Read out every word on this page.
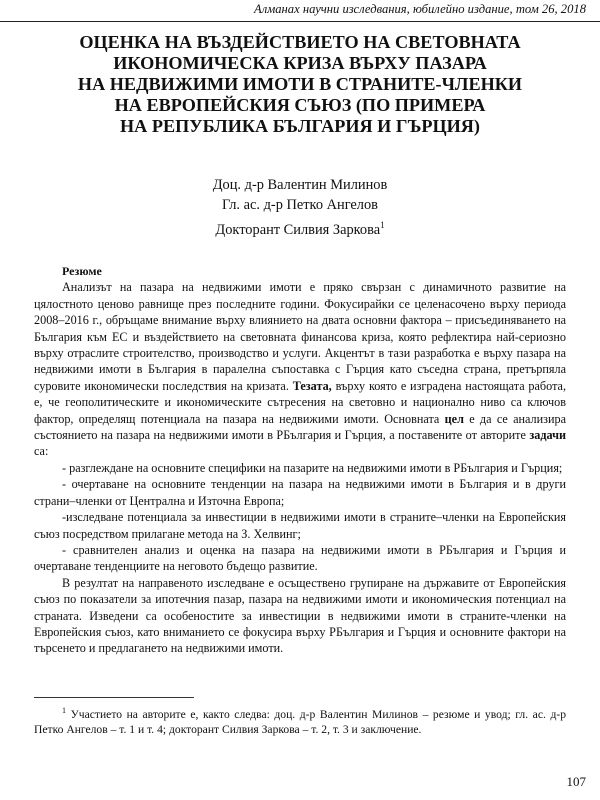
Алманах научни изследвания, юбилейно издание, том 26, 2018
ОЦЕНКА НА ВЪЗДЕЙСТВИЕТО НА СВЕТОВНАТА
ИКОНОМИЧЕСКА КРИЗА ВЪРХУ ПАЗАРА
НА НЕДВИЖИМИ ИМОТИ В СТРАНИТЕ-ЧЛЕНКИ
НА ЕВРОПЕЙСКИЯ СЪЮЗ (ПО ПРИМЕРА
НА РЕПУБЛИКА БЪЛГАРИЯ И ГЪРЦИЯ)
Доц. д-р Валентин Милинов
Гл. ас. д-р Петко Ангелов
Докторант Силвия Заркова$^1$
Резюме

Анализът на пазара на недвижими имоти е пряко свързан с динамичното развитие на цялостното ценово равнище през последните години. Фокусирайки се целенасочено върху периода 2008–2016 г., обръщаме внимание върху влиянието на двата основни фактора – присъединяването на България към ЕС и въздействието на световната финансова криза, която рефлектира най-сериозно върху отраслите строителство, производство и услуги. Акцентът в тази разработка е върху пазара на недвижими имоти в България в паралелна съпоставка с Гърция като съседна страна, претърпяла суровите икономически последствия на кризата. Тезата, върху която е изградена настоящата работа, е, че геополитическите и икономическите сътресения на световно и национално ниво са ключов фактор, определящ потенциала на пазара на недвижими имоти. Основната цел е да се анализира състоянието на пазара на недвижими имоти в РБългария и Гърция, а поставените от авторите задачи са:

- разглеждане на основните специфики на пазарите на недвижими имоти в РБългария и Гърция;
- очертаване на основните тенденции на пазара на недвижими имоти в България и в други страни–членки от Централна и Източна Европа;
-изследване потенциала за инвестиции в недвижими имоти в страните–членки на Европейския съюз посредством прилагане метода на З. Хелвинг;
- сравнителен анализ и оценка на пазара на недвижими имоти в РБългария и Гърция и очертаване тенденциите на неговото бъдещо развитие.

В резултат на направеното изследване е осъществено групиране на държавите от Европейския съюз по показатели за ипотечния пазар, пазара на недвижими имоти и икономическия потенциал на страната. Изведени са особеностите за инвестиции в недвижими имоти в страните-членки на Европейския съюз, като вниманието се фокусира върху РБългария и Гърция и основните фактори на търсенето и предлагането на недвижими имоти.

$^1$ Участието на авторите е, както следва: доц. д-р Валентин Милинов – резюме и увод; гл. ас. д-р Петко Ангелов – т. 1 и т. 4; докторант Силвия Заркова – т. 2, т. 3 и заключение.
107
